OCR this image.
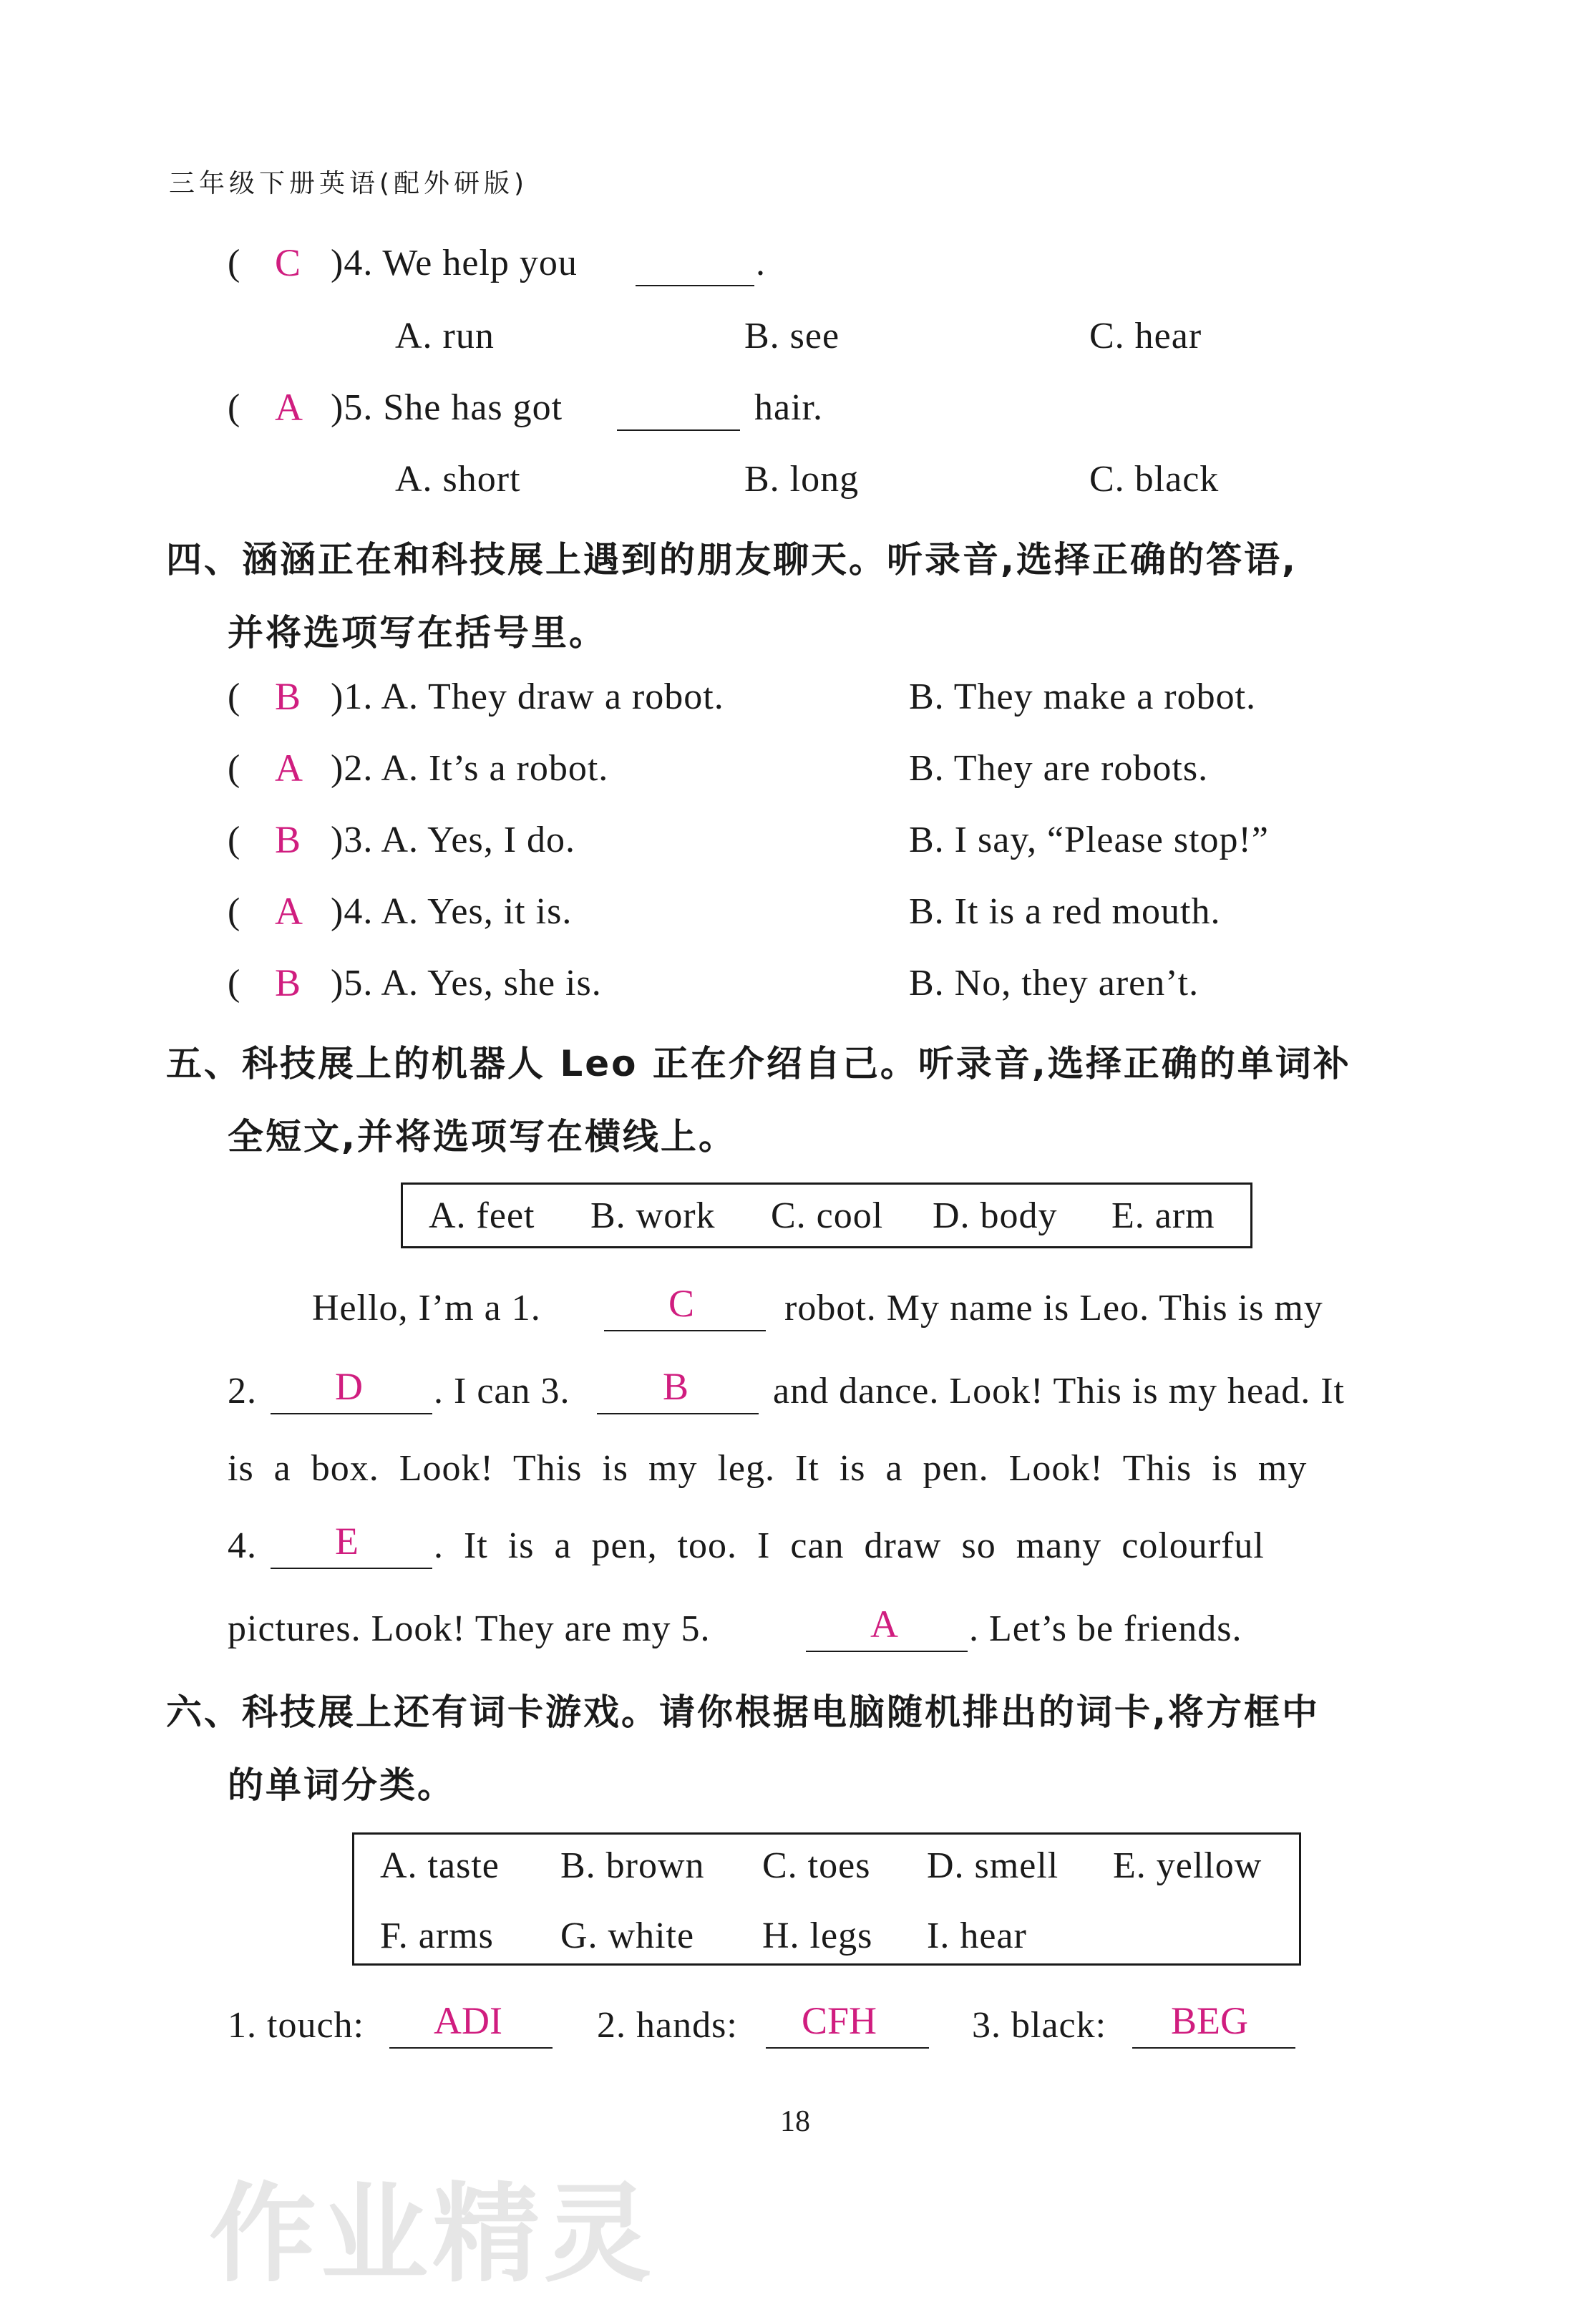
三年级下册英语(配外研版)
( C )4. We help you	.
A. run	B. see	C. hear
( A )5. She has got	hair.
A. short	B. long	C. black
四、涵涵正在和科技展上遇到的朋友聊天。听录音,选择正确的答语,
并将选项写在括号里。
( B )1. A. They draw a robot.	B. They make a robot.
( A )2. A. It’s a robot.	B. They are robots.
( B )3. A. Yes, I do.	B. I say, “Please stop!”
( A )4. A. Yes, it is.	B. It is a red mouth.
( B )5. A. Yes, she is.	B. No, they aren’t.
五、科技展上的机器人 Leo 正在介绍自己。听录音,选择正确的单词补
全短文,并将选项写在横线上。
A. feet B. work C. cool D. body E. arm
Hello, I’m a 1.	C robot. My name is Leo. This is my
2. D . I can 3. B and dance. Look! This is my head. It
is  a  box.  Look!  This  is  my  leg.  It  is  a  pen.  Look!  This  is  my
4. E .  It  is  a  pen,  too.  I  can  draw  so  many  colourful
pictures. Look! They are my 5.	A . Let’s be friends.
六、科技展上还有词卡游戏。请你根据电脑随机排出的词卡,将方框中
的单词分类。
A. taste B. brown C. toes D. smell E. yellow
F. arms G. white H. legs I. hear
1. touch: ADI	2. hands: CFH	3. black: BEG
18
作业精灵
